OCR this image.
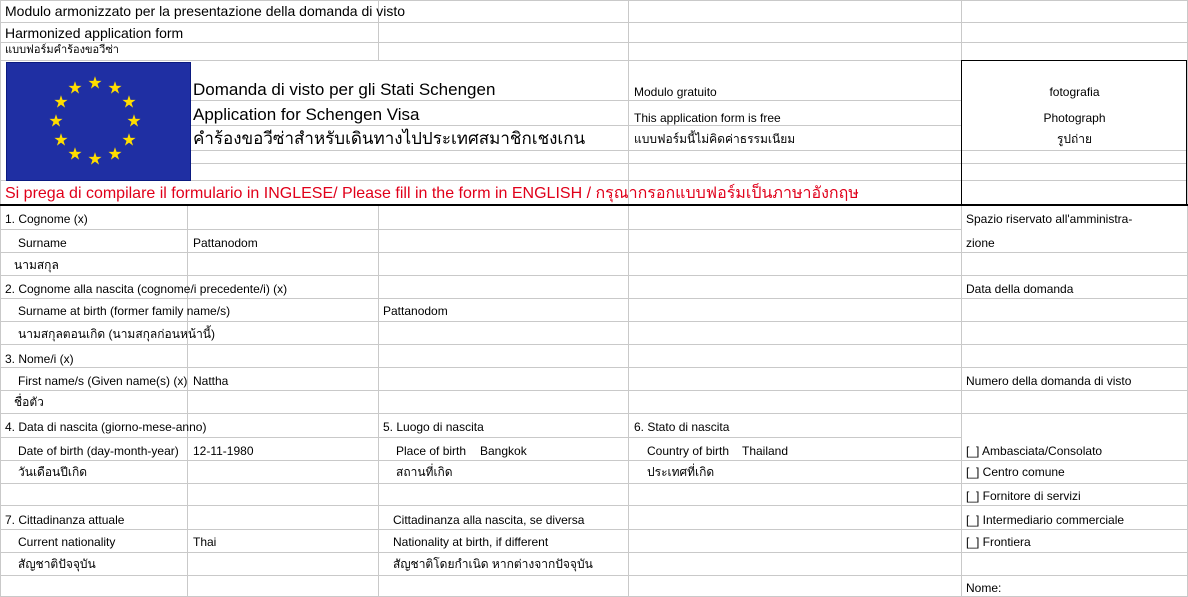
Modulo armonizzato per la presentazione della domanda di visto
Harmonized application form
แบบฟอร์มคำร้องขอวีซ่า
★ ★
★
★
★
★
★
★
★
★
★
★	Domanda di visto per gli Stati Schengen
Application for Schengen Visa
คำร้องขอวีซ่าสำหรับเดินทางไปประเทศสมาชิกเชงเกน
Modulo gratuito
This application form is free
แบบฟอร์มนี้ไม่คิดค่าธรรมเนียม
fotografia
Photograph
รูปถ่าย
Si prega di compilare il formulario in INGLESE/ Please fill in the form in ENGLISH / กรุณากรอกแบบฟอร์มเป็นภาษาอังกฤษ
1. Cognome (x)
Surname	Pattanodom
นามสกุล
2. Cognome alla nascita (cognome/i precedente/i) (x)
Surname at birth (former family name/s)	Pattanodom
นามสกุลตอนเกิด (นามสกุลก่อนหน้านี้)
3. Nome/i (x)
First name/s (Given name(s) (x) Nattha
ชื่อตัว
4. Data di nascita (giorno-mese-anno)
Date of birth (day-month-year) 12-11-1980
วันเดือนปีเกิด
5. Luogo di nascita
Place of birth Bangkok
สถานที่เกิด
6. Stato di nascita
Country of birth Thailand
ประเทศที่เกิด
7. Cittadinanza attuale
Current nationality	Thai
สัญชาติปัจจุบัน
Cittadinanza alla nascita, se diversa
Nationality at birth, if different
สัญชาติโดยกำเนิด หากต่างจากปัจจุบัน
Spazio riservato all'amministra-
zione
Data della domanda
Numero della domanda di visto
[_] Ambasciata/Consolato
[_] Centro comune
[_] Fornitore di servizi
[_] Intermediario commerciale
[_] Frontiera
Nome:
